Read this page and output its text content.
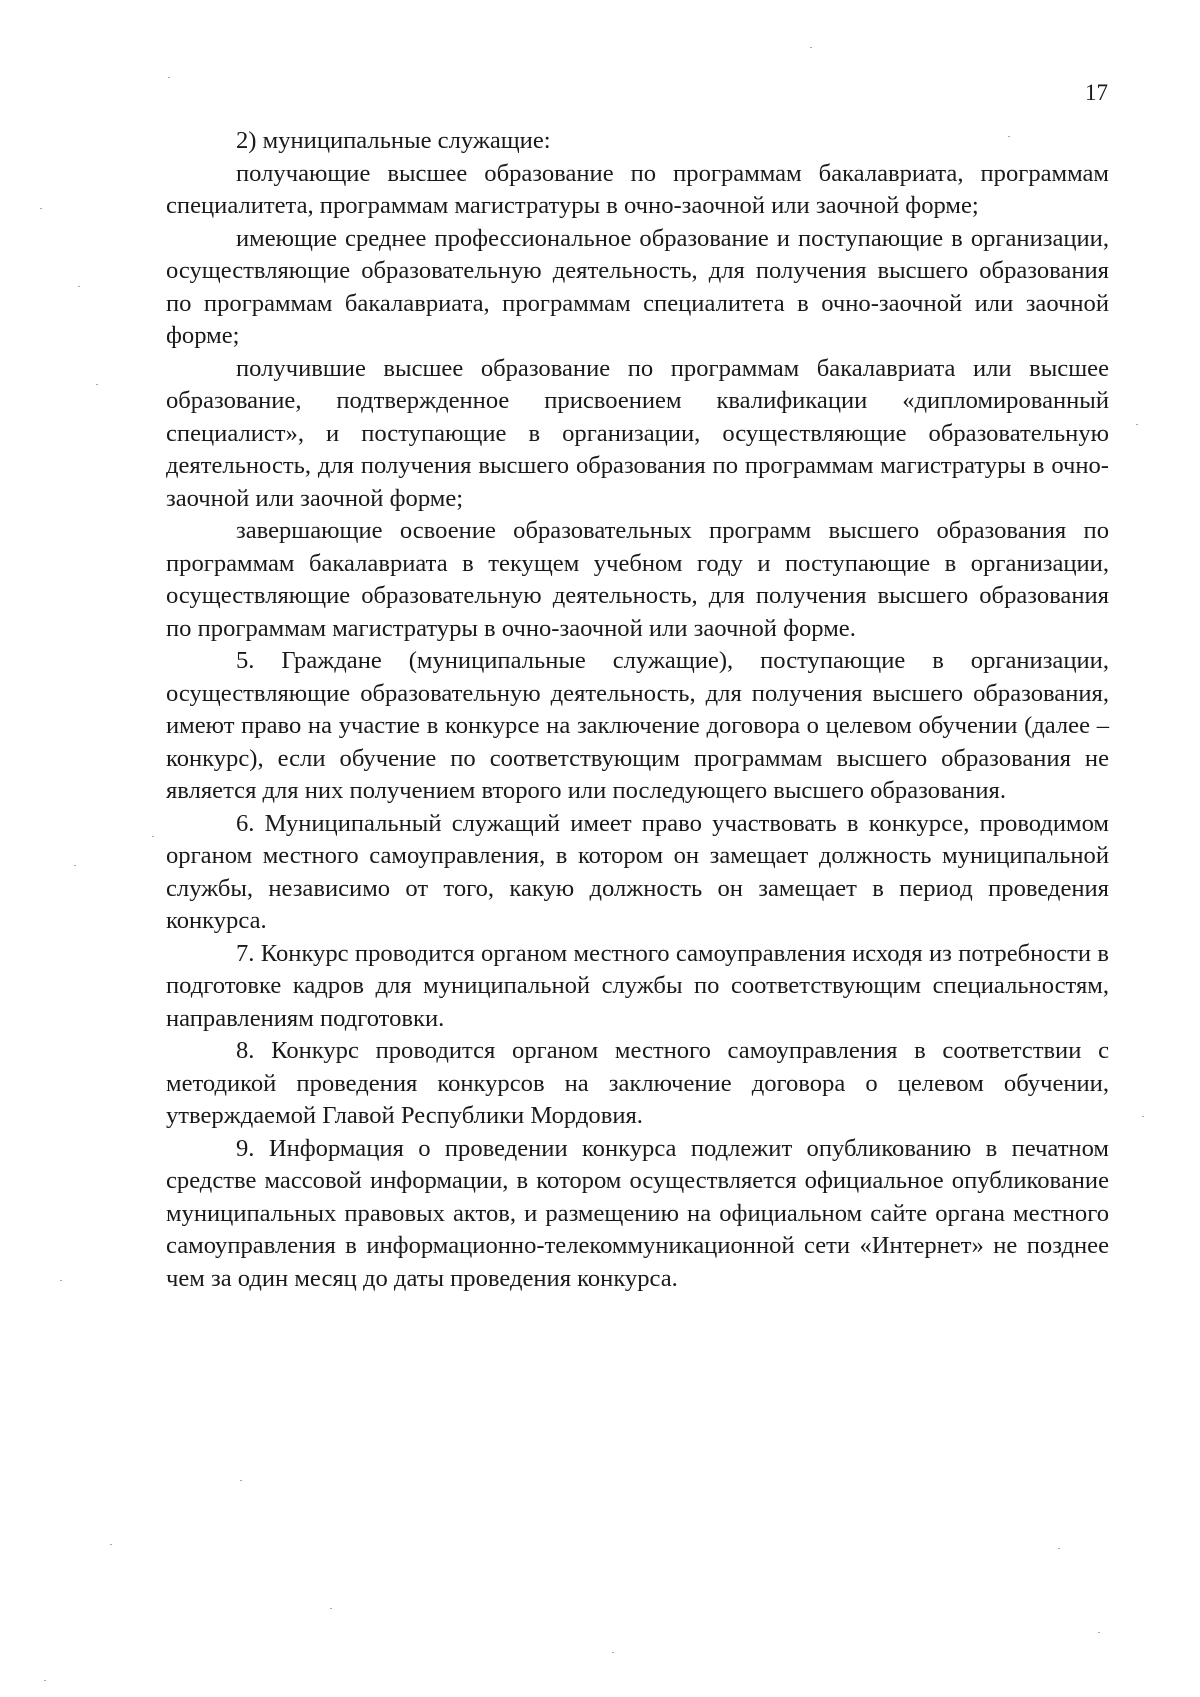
17

2) муниципальные служащие:

получающие высшее образование по программам бакалавриата, программам специалитета, программам магистратуры в очно-заочной или заочной форме;

имеющие среднее профессиональное образование и поступающие в организации, осуществляющие образовательную деятельность, для получения высшего образования по программам бакалавриата, программам специалитета в очно-заочной или заочной форме;

получившие высшее образование по программам бакалавриата или высшее образование, подтвержденное присвоением квалификации «дипломированный специалист», и поступающие в организации, осуществляющие образовательную деятельность, для получения высшего образования по программам магистратуры в очно-заочной или заочной форме;

завершающие освоение образовательных программ высшего образования по программам бакалавриата в текущем учебном году и поступающие в организации, осуществляющие образовательную деятельность, для получения высшего образования по программам магистратуры в очно-заочной или заочной форме.

5. Граждане (муниципальные служащие), поступающие в организации, осуществляющие образовательную деятельность, для получения высшего образования, имеют право на участие в конкурсе на заключение договора о целевом обучении (далее – конкурс), если обучение по соответствующим программам высшего образования не является для них получением второго или последующего высшего образования.

6. Муниципальный служащий имеет право участвовать в конкурсе, проводимом органом местного самоуправления, в котором он замещает должность муниципальной службы, независимо от того, какую должность он замещает в период проведения конкурса.

7. Конкурс проводится органом местного самоуправления исходя из потребности в подготовке кадров для муниципальной службы по соответствующим специальностям, направлениям подготовки.

8. Конкурс проводится органом местного самоуправления в соответствии с методикой проведения конкурсов на заключение договора о целевом обучении, утверждаемой Главой Республики Мордовия.

9. Информация о проведении конкурса подлежит опубликованию в печатном средстве массовой информации, в котором осуществляется официальное опубликование муниципальных правовых актов, и размещению на официальном сайте органа местного самоуправления в информационно-телекоммуникационной сети «Интернет» не позднее чем за один месяц до даты проведения конкурса.
